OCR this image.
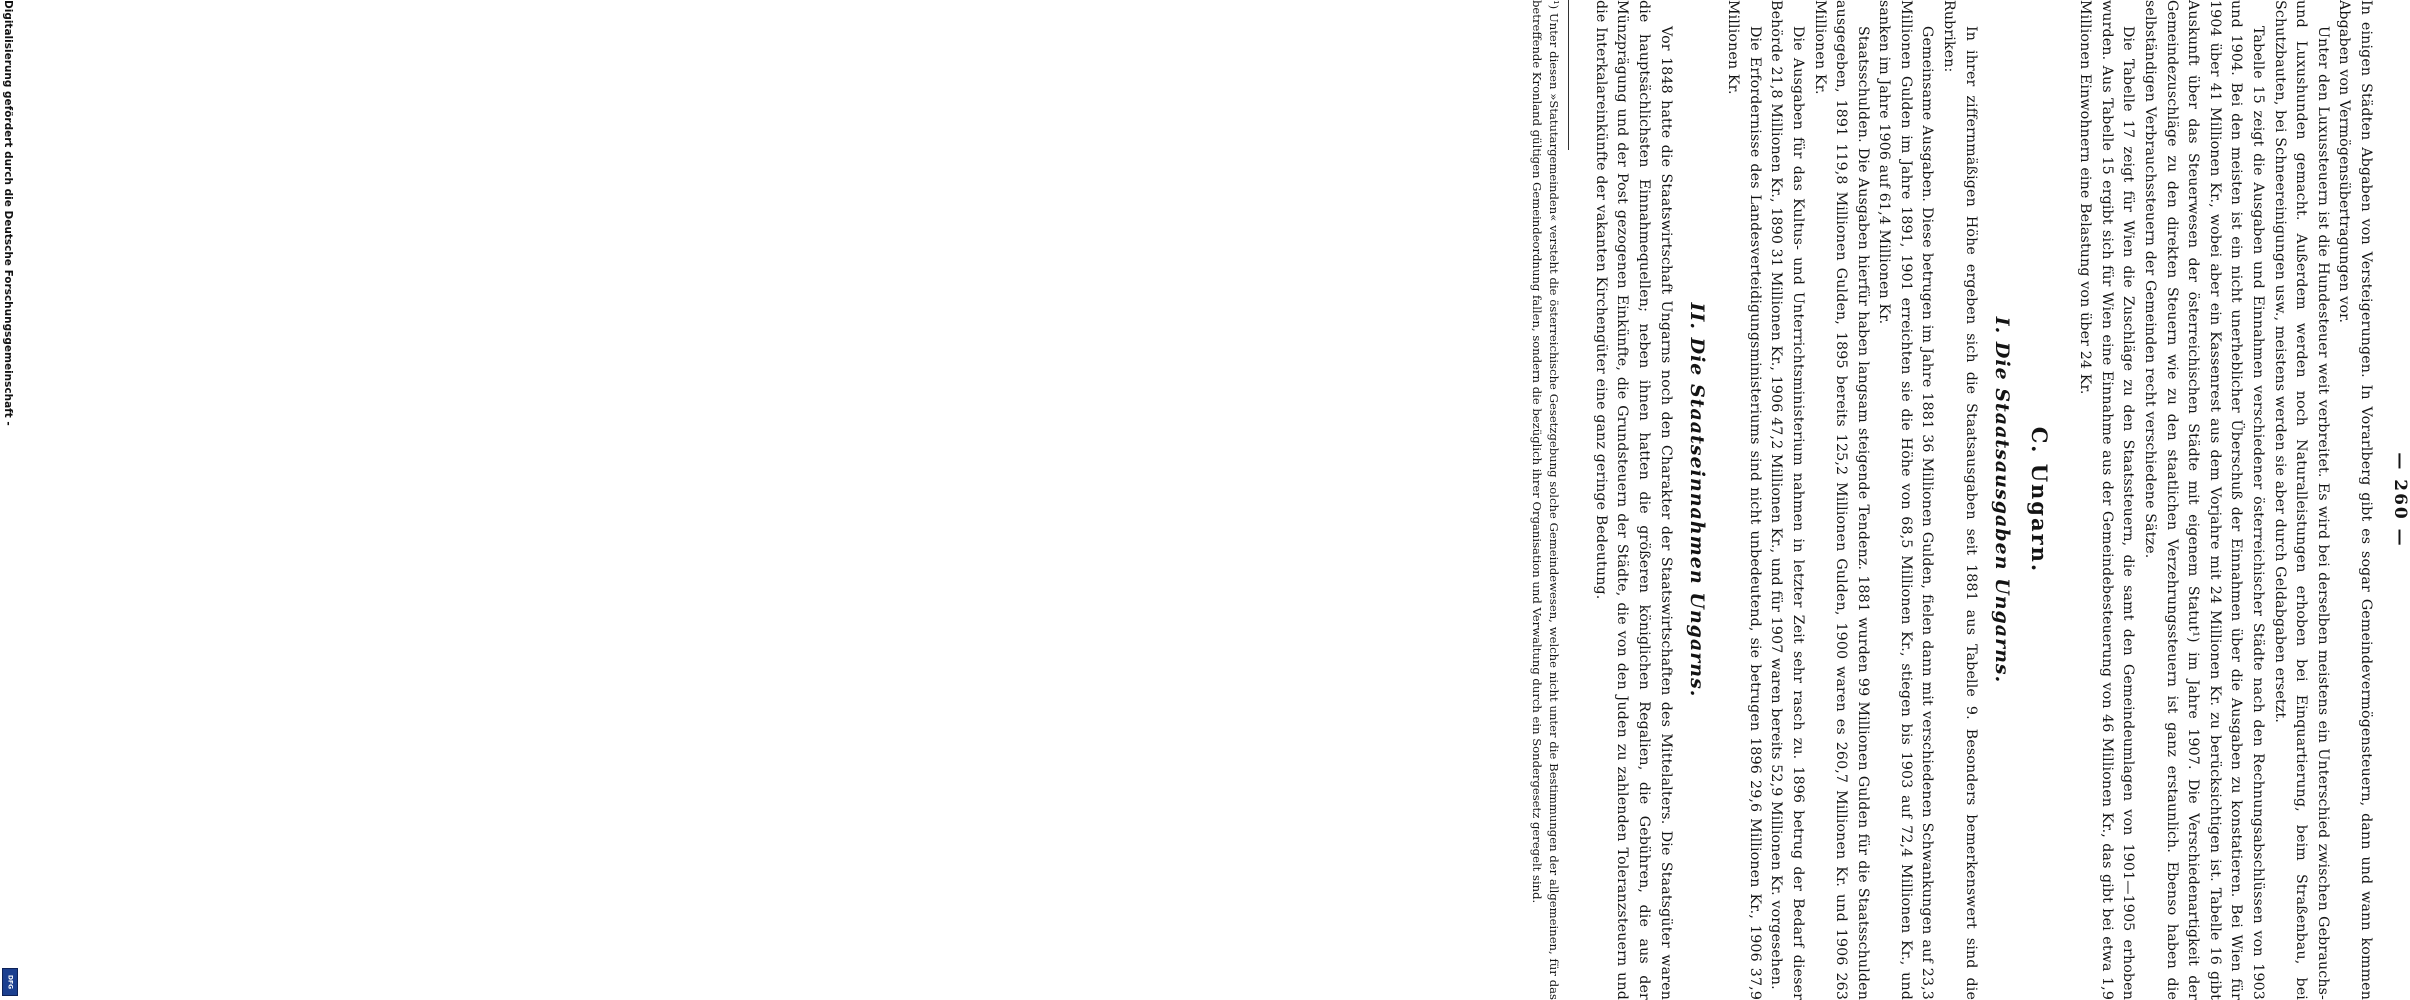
Digitalisierung gefördert durch die Deutsche Forschungsgemeinschaft -
DFG
— 260 —

In einigen Städten Abgaben von Versteigerungen. In Vorarlberg gibt es sogar Gemeindevermögensteuern, dann und wann kommen Abgaben von Vermögensübertragungen vor.

Unter den Luxussteuern ist die Hundesteuer weit verbreitet. Es wird bei derselben meistens ein Unterschied zwischen Gebrauchs- und Luxushunden gemacht. Außerdem werden noch Naturalleistungen erhoben bei Einquartierung, beim Straßenbau, bei Schutzbauten, bei Schneereinigungen usw., meistens werden sie aber durch Geldabgaben ersetzt.

Tabelle 15 zeigt die Ausgaben und Einnahmen verschiedener österreichischer Städte nach den Rechnungsabschlüssen von 1903 und 1904. Bei den meisten ist ein nicht unerheblicher Überschuß der Einnahmen über die Ausgaben zu konstatieren. Bei Wien für 1904 über 41 Millionen Kr., wobei aber ein Kassenrest aus dem Vorjahre mit 24 Millionen Kr. zu berücksichtigen ist. Tabelle 16 gibt Auskunft über das Steuerwesen der österreichischen Städte mit eigenem Statut¹) im Jahre 1907. Die Verschiedenartigkeit der Gemeindezuschläge zu den direkten Steuern wie zu den staatlichen Verzehrungssteuern ist ganz erstaunlich. Ebenso haben die selbständigen Verbrauchssteuern der Gemeinden recht verschiedene Sätze.

Die Tabelle 17 zeigt für Wien die Zuschläge zu den Staatssteuern, die samt den Gemeindeumlagen von 1901—1905 erhoben wurden. Aus Tabelle 15 ergibt sich für Wien eine Einnahme aus der Gemeindebesteuerung von 46 Millionen Kr., das gibt bei etwa 1,9 Millionen Einwohnern eine Belastung von über 24 Kr.

C. Ungarn.
I. Die Staatsausgaben Ungarns.

In ihrer ziffernmäßigen Höhe ergeben sich die Staatsausgaben seit 1881 aus Tabelle 9. Besonders bemerkenswert sind die Rubriken:

Gemeinsame Ausgaben. Diese betrugen im Jahre 1881 36 Millionen Gulden, fielen dann mit verschiedenen Schwankungen auf 23,3 Millionen Gulden im Jahre 1891, 1901 erreichten sie die Höhe von 68,5 Millionen Kr., stiegen bis 1903 auf 72,4 Millionen Kr., und sanken im Jahre 1906 auf 61,4 Millionen Kr.

Staatsschulden. Die Ausgaben hierfür haben langsam steigende Tendenz. 1881 wurden 99 Millionen Gulden für die Staatsschulden ausgegeben, 1891 119,8 Millionen Gulden, 1895 bereits 125,2 Millionen Gulden, 1900 waren es 260,7 Millionen Kr. und 1906 263 Millionen Kr.

Die Ausgaben für das Kultus- und Unterrichtsministerium nahmen in letzter Zeit sehr rasch zu. 1896 betrug der Bedarf dieser Behörde 21,8 Millionen Kr., 1890 31 Millionen Kr., 1906 47,2 Millionen Kr., und für 1907 waren bereits 52,9 Millionen Kr. vorgesehen.

Die Erfordernisse des Landesverteidigungsministeriums sind nicht unbedeutend, sie betrugen 1896 29,6 Millionen Kr., 1906 37,9 Millionen Kr.

II. Die Staatseinnahmen Ungarns.

Vor 1848 hatte die Staatswirtschaft Ungarns noch den Charakter der Staatswirtschaften des Mittelalters. Die Staatsgüter waren die hauptsächlichsten Einnahmequellen; neben ihnen hatten die größeren königlichen Regalien, die Gebühren, die aus der Münzprägung und der Post gezogenen Einkünfte, die Grundsteuern der Städte, die von den Juden zu zahlenden Toleranzsteuern und die Interkalareinkünfte der vakanten Kirchengüter eine ganz geringe Bedeutung.

¹) Unter diesen »Statutargemeinden« versteht die österreichische Gesetzgebung solche Gemeindewesen, welche nicht unter die Bestimmungen der allgemeinen, für das betreffende Kronland gültigen Gemeindeordnung fallen, sondern die bezüglich ihrer Organisation und Verwaltung durch ein Sondergesetz geregelt sind.
